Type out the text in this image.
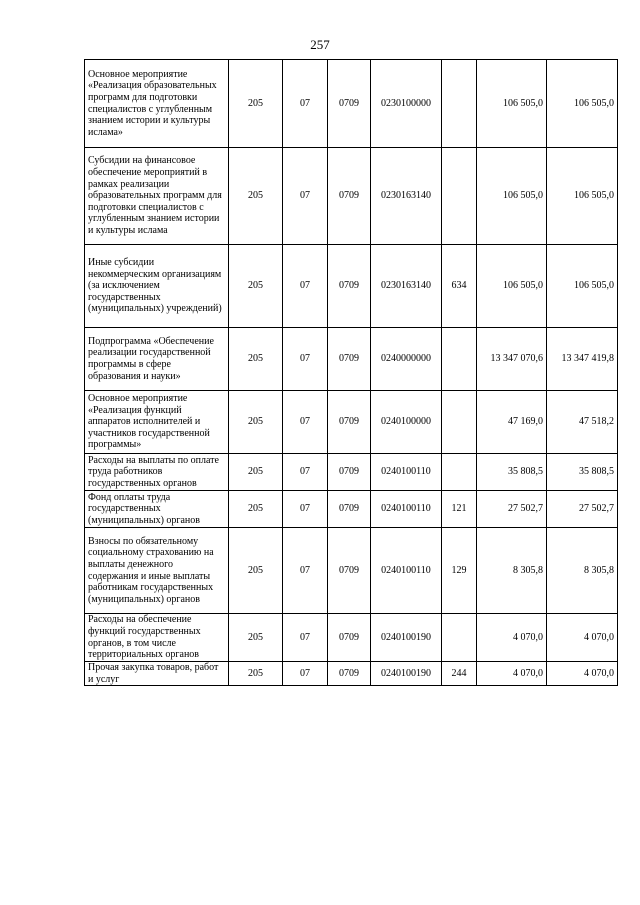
257
Основное мероприятие «Реализация образовательных программ для подготовки специалистов с углубленным знанием истории и культуры ислама»	205	07	0709	0230100000		106 505,0	106 505,0
Субсидии на финансовое обеспечение мероприятий в рамках реализации образовательных программ для подготовки специалистов с углубленным знанием истории и культуры ислама	205	07	0709	0230163140		106 505,0	106 505,0
Иные субсидии некоммерческим организациям (за исключением государственных (муниципальных) учреждений)	205	07	0709	0230163140	634	106 505,0	106 505,0
Подпрограмма «Обеспечение реализации государственной программы в сфере образования и науки»	205	07	0709	0240000000		13 347 070,6	13 347 419,8
Основное мероприятие «Реализация функций аппаратов исполнителей и участников государственной программы»	205	07	0709	0240100000		47 169,0	47 518,2
Расходы на выплаты по оплате труда работников государственных органов	205	07	0709	0240100110		35 808,5	35 808,5
Фонд оплаты труда государственных (муниципальных) органов	205	07	0709	0240100110	121	27 502,7	27 502,7
Взносы по обязательному социальному страхованию на выплаты денежного содержания и иные выплаты работникам государственных (муниципальных) органов	205	07	0709	0240100110	129	8 305,8	8 305,8
Расходы на обеспечение функций государственных органов, в том числе территориальных органов	205	07	0709	0240100190		4 070,0	4 070,0
Прочая закупка товаров, работ и услуг	205	07	0709	0240100190	244	4 070,0	4 070,0
